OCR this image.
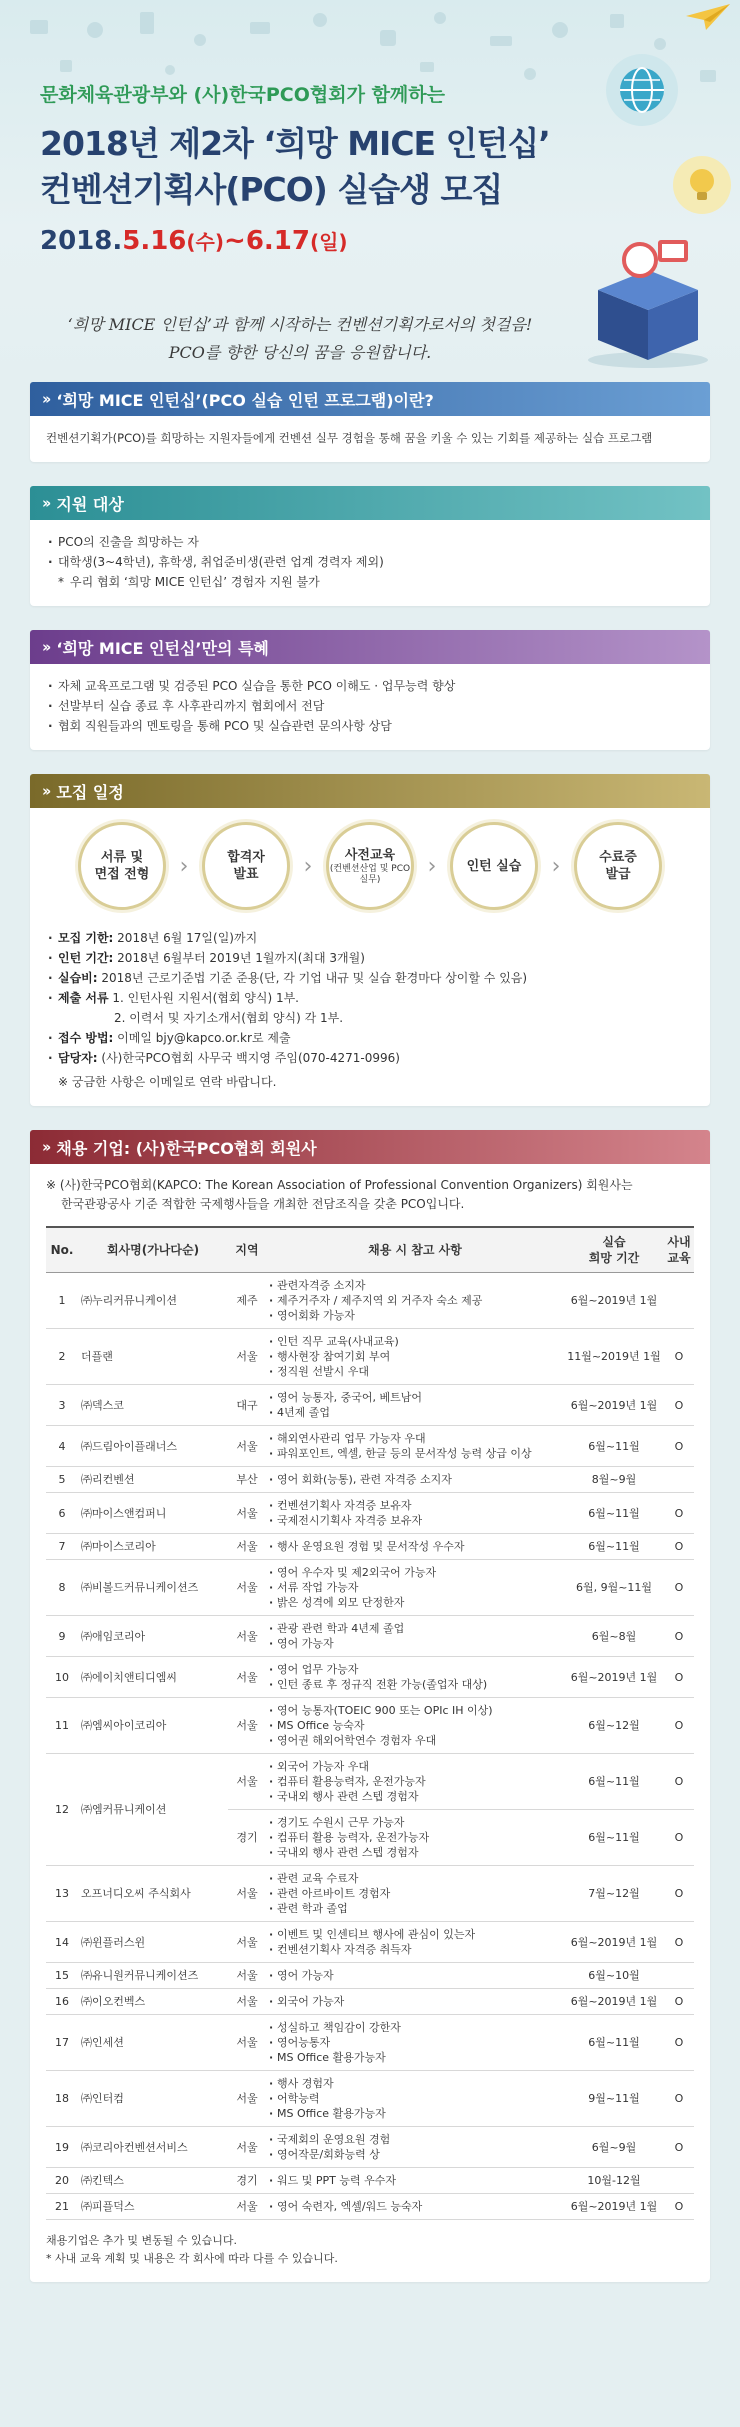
문화체육관광부와 (사)한국PCO협회가 함께하는
2018년 제2차 ‘희망 MICE 인턴십’
컨벤션기획사(PCO) 실습생 모집
2018.5.16(수)~6.17(일)
‘희망 MICE 인턴십’과 함께 시작하는 컨벤션기획가로서의 첫걸음!
PCO를 향한 당신의 꿈을 응원합니다.
›› ‘희망 MICE 인턴십’(PCO 실습 인턴 프로그램)이란?
컨벤션기획가(PCO)를 희망하는 지원자들에게 컨벤션 실무 경험을 통해 꿈을 키울 수 있는 기회를 제공하는 실습 프로그램
›› 지원 대상
· PCO의 진출을 희망하는 자
· 대학생(3~4학년), 휴학생, 취업준비생(관련 업계 경력자 제외)
* 우리 협회 ‘희망 MICE 인턴십’ 경험자 지원 불가
›› ‘희망 MICE 인턴십’만의 특혜
· 자체 교육프로그램 및 검증된 PCO 실습을 통한 PCO 이해도 · 업무능력 향상
· 선발부터 실습 종료 후 사후관리까지 협회에서 전담
· 협회 직원들과의 멘토링을 통해 PCO 및 실습관련 문의사항 상담
›› 모집 일정
서류 및
면접 전형	›	합격자
발표	›	사전교육
(컨벤션산업 및 PCO 실무)
›	인턴 실습	›	수료증
발급
· 모집 기한: 2018년 6월 17일(일)까지
· 인턴 기간: 2018년 6월부터 2019년 1월까지(최대 3개월)
· 실습비: 2018년 근로기준법 기준 준용(단, 각 기업 내규 및 실습 환경마다 상이할 수 있음)
· 제출 서류 1. 인턴사원 지원서(협회 양식) 1부.
2. 이력서 및 자기소개서(협회 양식) 각 1부.
· 접수 방법: 이메일 bjy@kapco.or.kr로 제출
· 담당자: (사)한국PCO협회 사무국 백지영 주임(070-4271-0996)
※ 궁금한 사항은 이메일로 연락 바랍니다.
›› 채용 기업: (사)한국PCO협회 회원사
※ (사)한국PCO협회(KAPCO: The Korean Association of Professional Convention Organizers) 회원사는
한국관광공사 기준 적합한 국제행사들을 개최한 전담조직을 갖춘 PCO입니다.
No.	회사명(가나다순)	지역	채용 시 참고 사항	실습
희망 기간	사내
교육
1	㈜누리커뮤니케이션	제주	· 관련자격증 소지자
· 제주거주자 / 제주지역 외 거주자 숙소 제공
· 영어회화 가능자	6월~2019년 1월	
2	더플랜	서울	· 인턴 직무 교육(사내교육)
· 행사현장 참여기회 부여
· 정직원 선발시 우대	11월~2019년 1월	O
3	㈜덱스코	대구	· 영어 능통자, 중국어, 베트남어
· 4년제 졸업	6월~2019년 1월	O
4	㈜드림아이플래너스	서울	· 해외연사관리 업무 가능자 우대
· 파워포인트, 엑셀, 한글 등의 문서작성 능력 상급 이상	6월~11월	O
5	㈜리컨벤션	부산	· 영어 회화(능통), 관련 자격증 소지자	8월~9월	
6	㈜마이스앤컴퍼니	서울	· 컨벤션기획사 자격증 보유자
· 국제전시기획사 자격증 보유자	6월~11월	O
7	㈜마이스코리아	서울	· 행사 운영요원 경험 및 문서작성 우수자	6월~11월	O
8	㈜비볼드커뮤니케이션즈	서울	· 영어 우수자 및 제2외국어 가능자
· 서류 작업 가능자
· 밝은 성격에 외모 단정한자	6월, 9월~11월	O
9	㈜애임코리아	서울	· 관광 관련 학과 4년제 졸업
· 영어 가능자	6월~8월	O
10	㈜에이치앤티디엠씨	서울	· 영어 업무 가능자
· 인턴 종료 후 정규직 전환 가능(졸업자 대상)	6월~2019년 1월	O
11	㈜엠씨아이코리아	서울	· 영어 능통자(TOEIC 900 또는 OPIc IH 이상)
· MS Office 능숙자
· 영어권 해외어학연수 경험자 우대	6월~12월	O
12	㈜엠커뮤니케이션	서울	· 외국어 가능자 우대
· 컴퓨터 활용능력자, 운전가능자
· 국내외 행사 관련 스텝 경험자	6월~11월	O
		경기	· 경기도 수원시 근무 가능자
· 컴퓨터 활용 능력자, 운전가능자
· 국내외 행사 관련 스텝 경험자	6월~11월	O
13	오프너디오씨 주식회사	서울	· 관련 교육 수료자
· 관련 아르바이트 경험자
· 관련 학과 졸업	7월~12월	O
14	㈜윈플러스윈	서울	· 이벤트 및 인센티브 행사에 관심이 있는자
· 컨벤션기획사 자격증 취득자	6월~2019년 1월	O
15	㈜유니원커뮤니케이션즈	서울	· 영어 가능자	6월~10월	
16	㈜이오컨벡스	서울	· 외국어 가능자	6월~2019년 1월	O
17	㈜인세션	서울	· 성실하고 책임감이 강한자
· 영어능통자
· MS Office 활용가능자	6월~11월	O
18	㈜인터컴	서울	· 행사 경험자
· 어학능력
· MS Office 활용가능자	9월~11월	O
19	㈜코리아컨벤션서비스	서울	· 국제회의 운영요원 경험
· 영어작문/회화능력 상	6월~9월	O
20	㈜킨텍스	경기	· 워드 및 PPT 능력 우수자	10월-12월	
21	㈜피플덕스	서울	· 영어 숙련자, 엑셀/워드 능숙자	6월~2019년 1월	O
채용기업은 추가 및 변동될 수 있습니다.
* 사내 교육 계획 및 내용은 각 회사에 따라 다를 수 있습니다.
